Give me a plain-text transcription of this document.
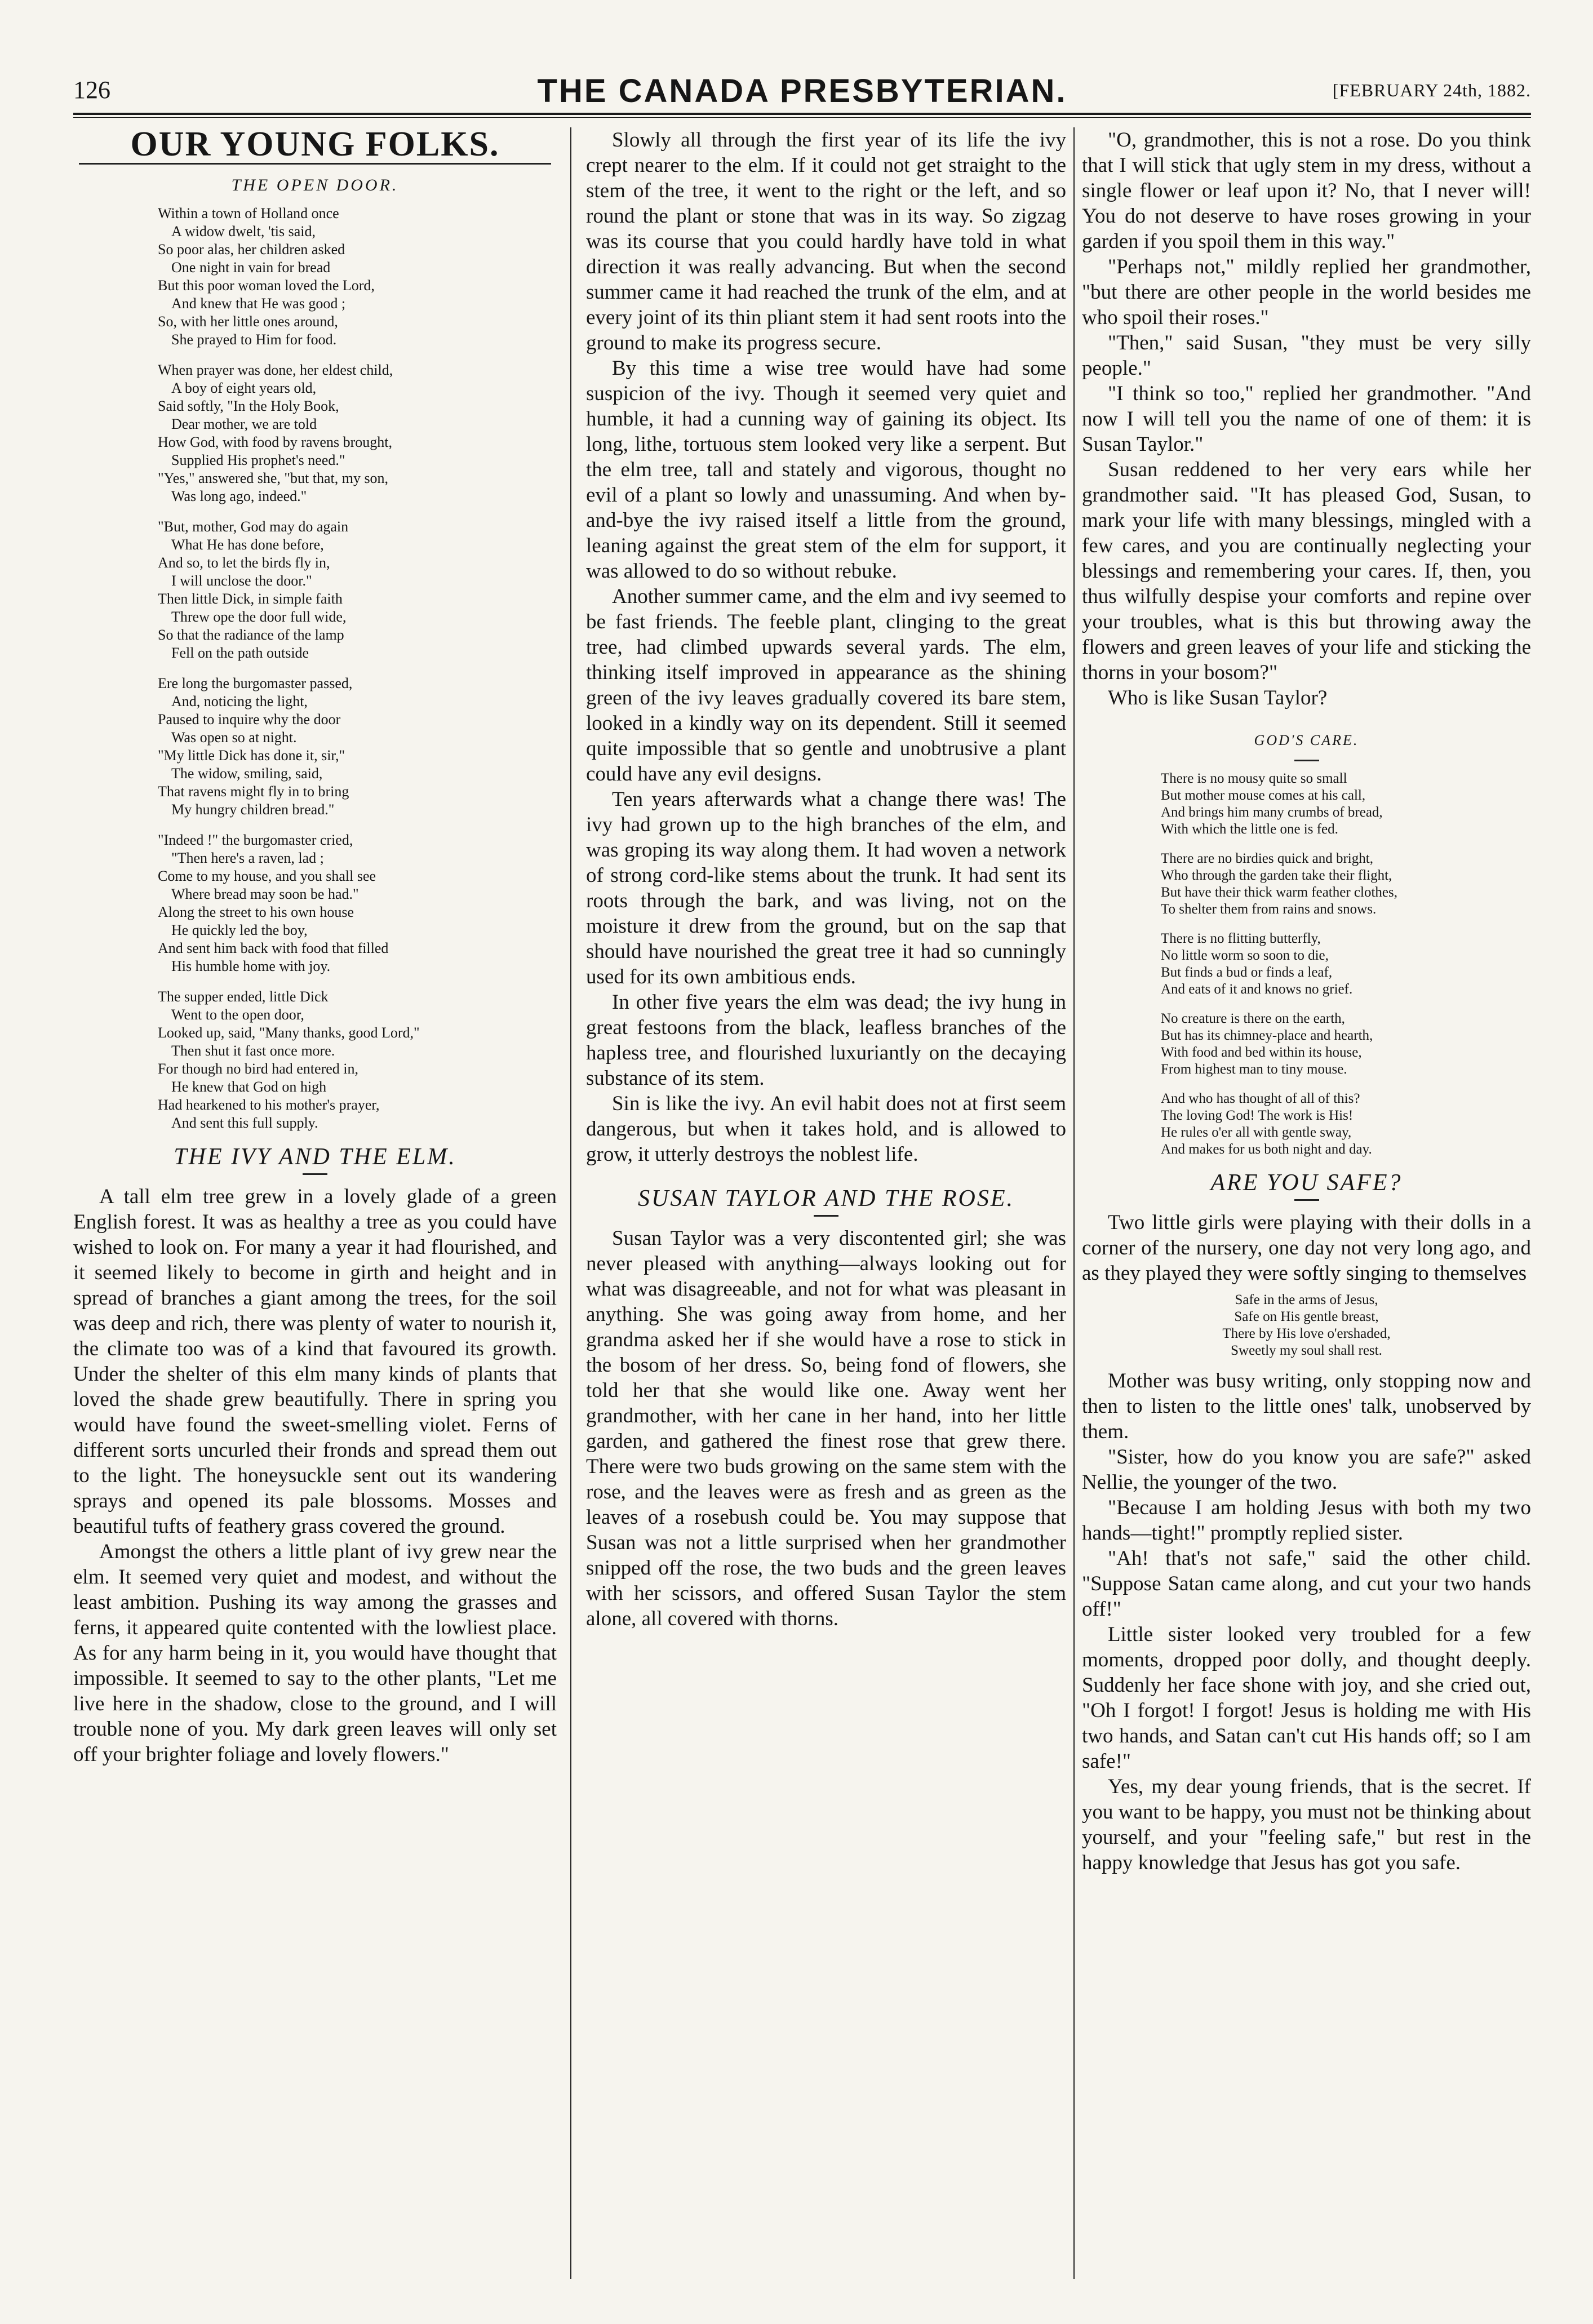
126	THE CANADA PRESBYTERIAN.	[FEBRUARY 24th, 1882.
OUR YOUNG FOLKS.
THE OPEN DOOR.
Within a town of Holland once
A widow dwelt, 'tis said,
So poor alas, her children asked
One night in vain for bread
But this poor woman loved the Lord,
And knew that He was good ;
So, with her little ones around,
She prayed to Him for food.
When prayer was done, her eldest child,
A boy of eight years old,
Said softly, "In the Holy Book,
Dear mother, we are told
How God, with food by ravens brought,
Supplied His prophet's need."
"Yes," answered she, "but that, my son,
Was long ago, indeed."
"But, mother, God may do again
What He has done before,
And so, to let the birds fly in,
I will unclose the door."
Then little Dick, in simple faith
Threw ope the door full wide,
So that the radiance of the lamp
Fell on the path outside
Ere long the burgomaster passed,
And, noticing the light,
Paused to inquire why the door
Was open so at night.
"My little Dick has done it, sir,"
The widow, smiling, said,
That ravens might fly in to bring
My hungry children bread."
"Indeed !" the burgomaster cried,
"Then here's a raven, lad ;
Come to my house, and you shall see
Where bread may soon be had."
Along the street to his own house
He quickly led the boy,
And sent him back with food that filled
His humble home with joy.
The supper ended, little Dick
Went to the open door,
Looked up, said, "Many thanks, good Lord,"
Then shut it fast once more.
For though no bird had entered in,
He knew that God on high
Had hearkened to his mother's prayer,
And sent this full supply.
THE IVY AND THE ELM.

A tall elm tree grew in a lovely glade of a green English forest. It was as healthy a tree as you could have wished to look on. For many a year it had flourished, and it seemed likely to become in girth and height and in spread of branches a giant among the trees, for the soil was deep and rich, there was plenty of water to nourish it, the climate too was of a kind that favoured its growth. Under the shelter of this elm many kinds of plants that loved the shade grew beautifully. There in spring you would have found the sweet-smelling violet. Ferns of different sorts uncurled their fronds and spread them out to the light. The honeysuckle sent out its wandering sprays and opened its pale blossoms. Mosses and beautiful tufts of feathery grass covered the ground.

Amongst the others a little plant of ivy grew near the elm. It seemed very quiet and modest, and without the least ambition. Pushing its way among the grasses and ferns, it appeared quite contented with the lowliest place. As for any harm being in it, you would have thought that impossible. It seemed to say to the other plants, "Let me live here in the shadow, close to the ground, and I will trouble none of you. My dark green leaves will only set off your brighter foliage and lovely flowers."

Slowly all through the first year of its life the ivy crept nearer to the elm. If it could not get straight to the stem of the tree, it went to the right or the left, and so round the plant or stone that was in its way. So zigzag was its course that you could hardly have told in what direction it was really advancing. But when the second summer came it had reached the trunk of the elm, and at every joint of its thin pliant stem it had sent roots into the ground to make its progress secure.

By this time a wise tree would have had some suspicion of the ivy. Though it seemed very quiet and humble, it had a cunning way of gaining its object. Its long, lithe, tortuous stem looked very like a serpent. But the elm tree, tall and stately and vigorous, thought no evil of a plant so lowly and unassuming. And when by-and-bye the ivy raised itself a little from the ground, leaning against the great stem of the elm for support, it was allowed to do so without rebuke.

Another summer came, and the elm and ivy seemed to be fast friends. The feeble plant, clinging to the great tree, had climbed upwards several yards. The elm, thinking itself improved in appearance as the shining green of the ivy leaves gradually covered its bare stem, looked in a kindly way on its dependent. Still it seemed quite impossible that so gentle and unobtrusive a plant could have any evil designs.

Ten years afterwards what a change there was! The ivy had grown up to the high branches of the elm, and was groping its way along them. It had woven a network of strong cord-like stems about the trunk. It had sent its roots through the bark, and was living, not on the moisture it drew from the ground, but on the sap that should have nourished the great tree it had so cunningly used for its own ambitious ends.

In other five years the elm was dead; the ivy hung in great festoons from the black, leafless branches of the hapless tree, and flourished luxuriantly on the decaying substance of its stem.

Sin is like the ivy. An evil habit does not at first seem dangerous, but when it takes hold, and is allowed to grow, it utterly destroys the noblest life.

SUSAN TAYLOR AND THE ROSE.

Susan Taylor was a very discontented girl; she was never pleased with anything—always looking out for what was disagreeable, and not for what was pleasant in anything. She was going away from home, and her grandma asked her if she would have a rose to stick in the bosom of her dress. So, being fond of flowers, she told her that she would like one. Away went her grandmother, with her cane in her hand, into her little garden, and gathered the finest rose that grew there. There were two buds growing on the same stem with the rose, and the leaves were as fresh and as green as the leaves of a rosebush could be. You may suppose that Susan was not a little surprised when her grandmother snipped off the rose, the two buds and the green leaves with her scissors, and offered Susan Taylor the stem alone, all covered with thorns.

"O, grandmother, this is not a rose. Do you think that I will stick that ugly stem in my dress, without a single flower or leaf upon it? No, that I never will! You do not deserve to have roses growing in your garden if you spoil them in this way."

"Perhaps not," mildly replied her grandmother, "but there are other people in the world besides me who spoil their roses."

"Then," said Susan, "they must be very silly people."

"I think so too," replied her grandmother. "And now I will tell you the name of one of them: it is Susan Taylor."

Susan reddened to her very ears while her grandmother said. "It has pleased God, Susan, to mark your life with many blessings, mingled with a few cares, and you are continually neglecting your blessings and remembering your cares. If, then, you thus wilfully despise your comforts and repine over your troubles, what is this but throwing away the flowers and green leaves of your life and sticking the thorns in your bosom?"

Who is like Susan Taylor?

GOD'S CARE.
There is no mousy quite so small
But mother mouse comes at his call,
And brings him many crumbs of bread,
With which the little one is fed.
There are no birdies quick and bright,
Who through the garden take their flight,
But have their thick warm feather clothes,
To shelter them from rains and snows.
There is no flitting butterfly,
No little worm so soon to die,
But finds a bud or finds a leaf,
And eats of it and knows no grief.
No creature is there on the earth,
But has its chimney-place and hearth,
With food and bed within its house,
From highest man to tiny mouse.
And who has thought of all of this?
The loving God! The work is His!
He rules o'er all with gentle sway,
And makes for us both night and day.
ARE YOU SAFE?

Two little girls were playing with their dolls in a corner of the nursery, one day not very long ago, and as they played they were softly singing to themselves

Safe in the arms of Jesus,
Safe on His gentle breast,
There by His love o'ershaded,
Sweetly my soul shall rest.

Mother was busy writing, only stopping now and then to listen to the little ones' talk, unobserved by them.

"Sister, how do you know you are safe?" asked Nellie, the younger of the two.

"Because I am holding Jesus with both my two hands—tight!" promptly replied sister.

"Ah! that's not safe," said the other child. "Suppose Satan came along, and cut your two hands off!"

Little sister looked very troubled for a few moments, dropped poor dolly, and thought deeply. Suddenly her face shone with joy, and she cried out, "Oh I forgot! I forgot! Jesus is holding me with His two hands, and Satan can't cut His hands off; so I am safe!"

Yes, my dear young friends, that is the secret. If you want to be happy, you must not be thinking about yourself, and your "feeling safe," but rest in the happy knowledge that Jesus has got you safe.
